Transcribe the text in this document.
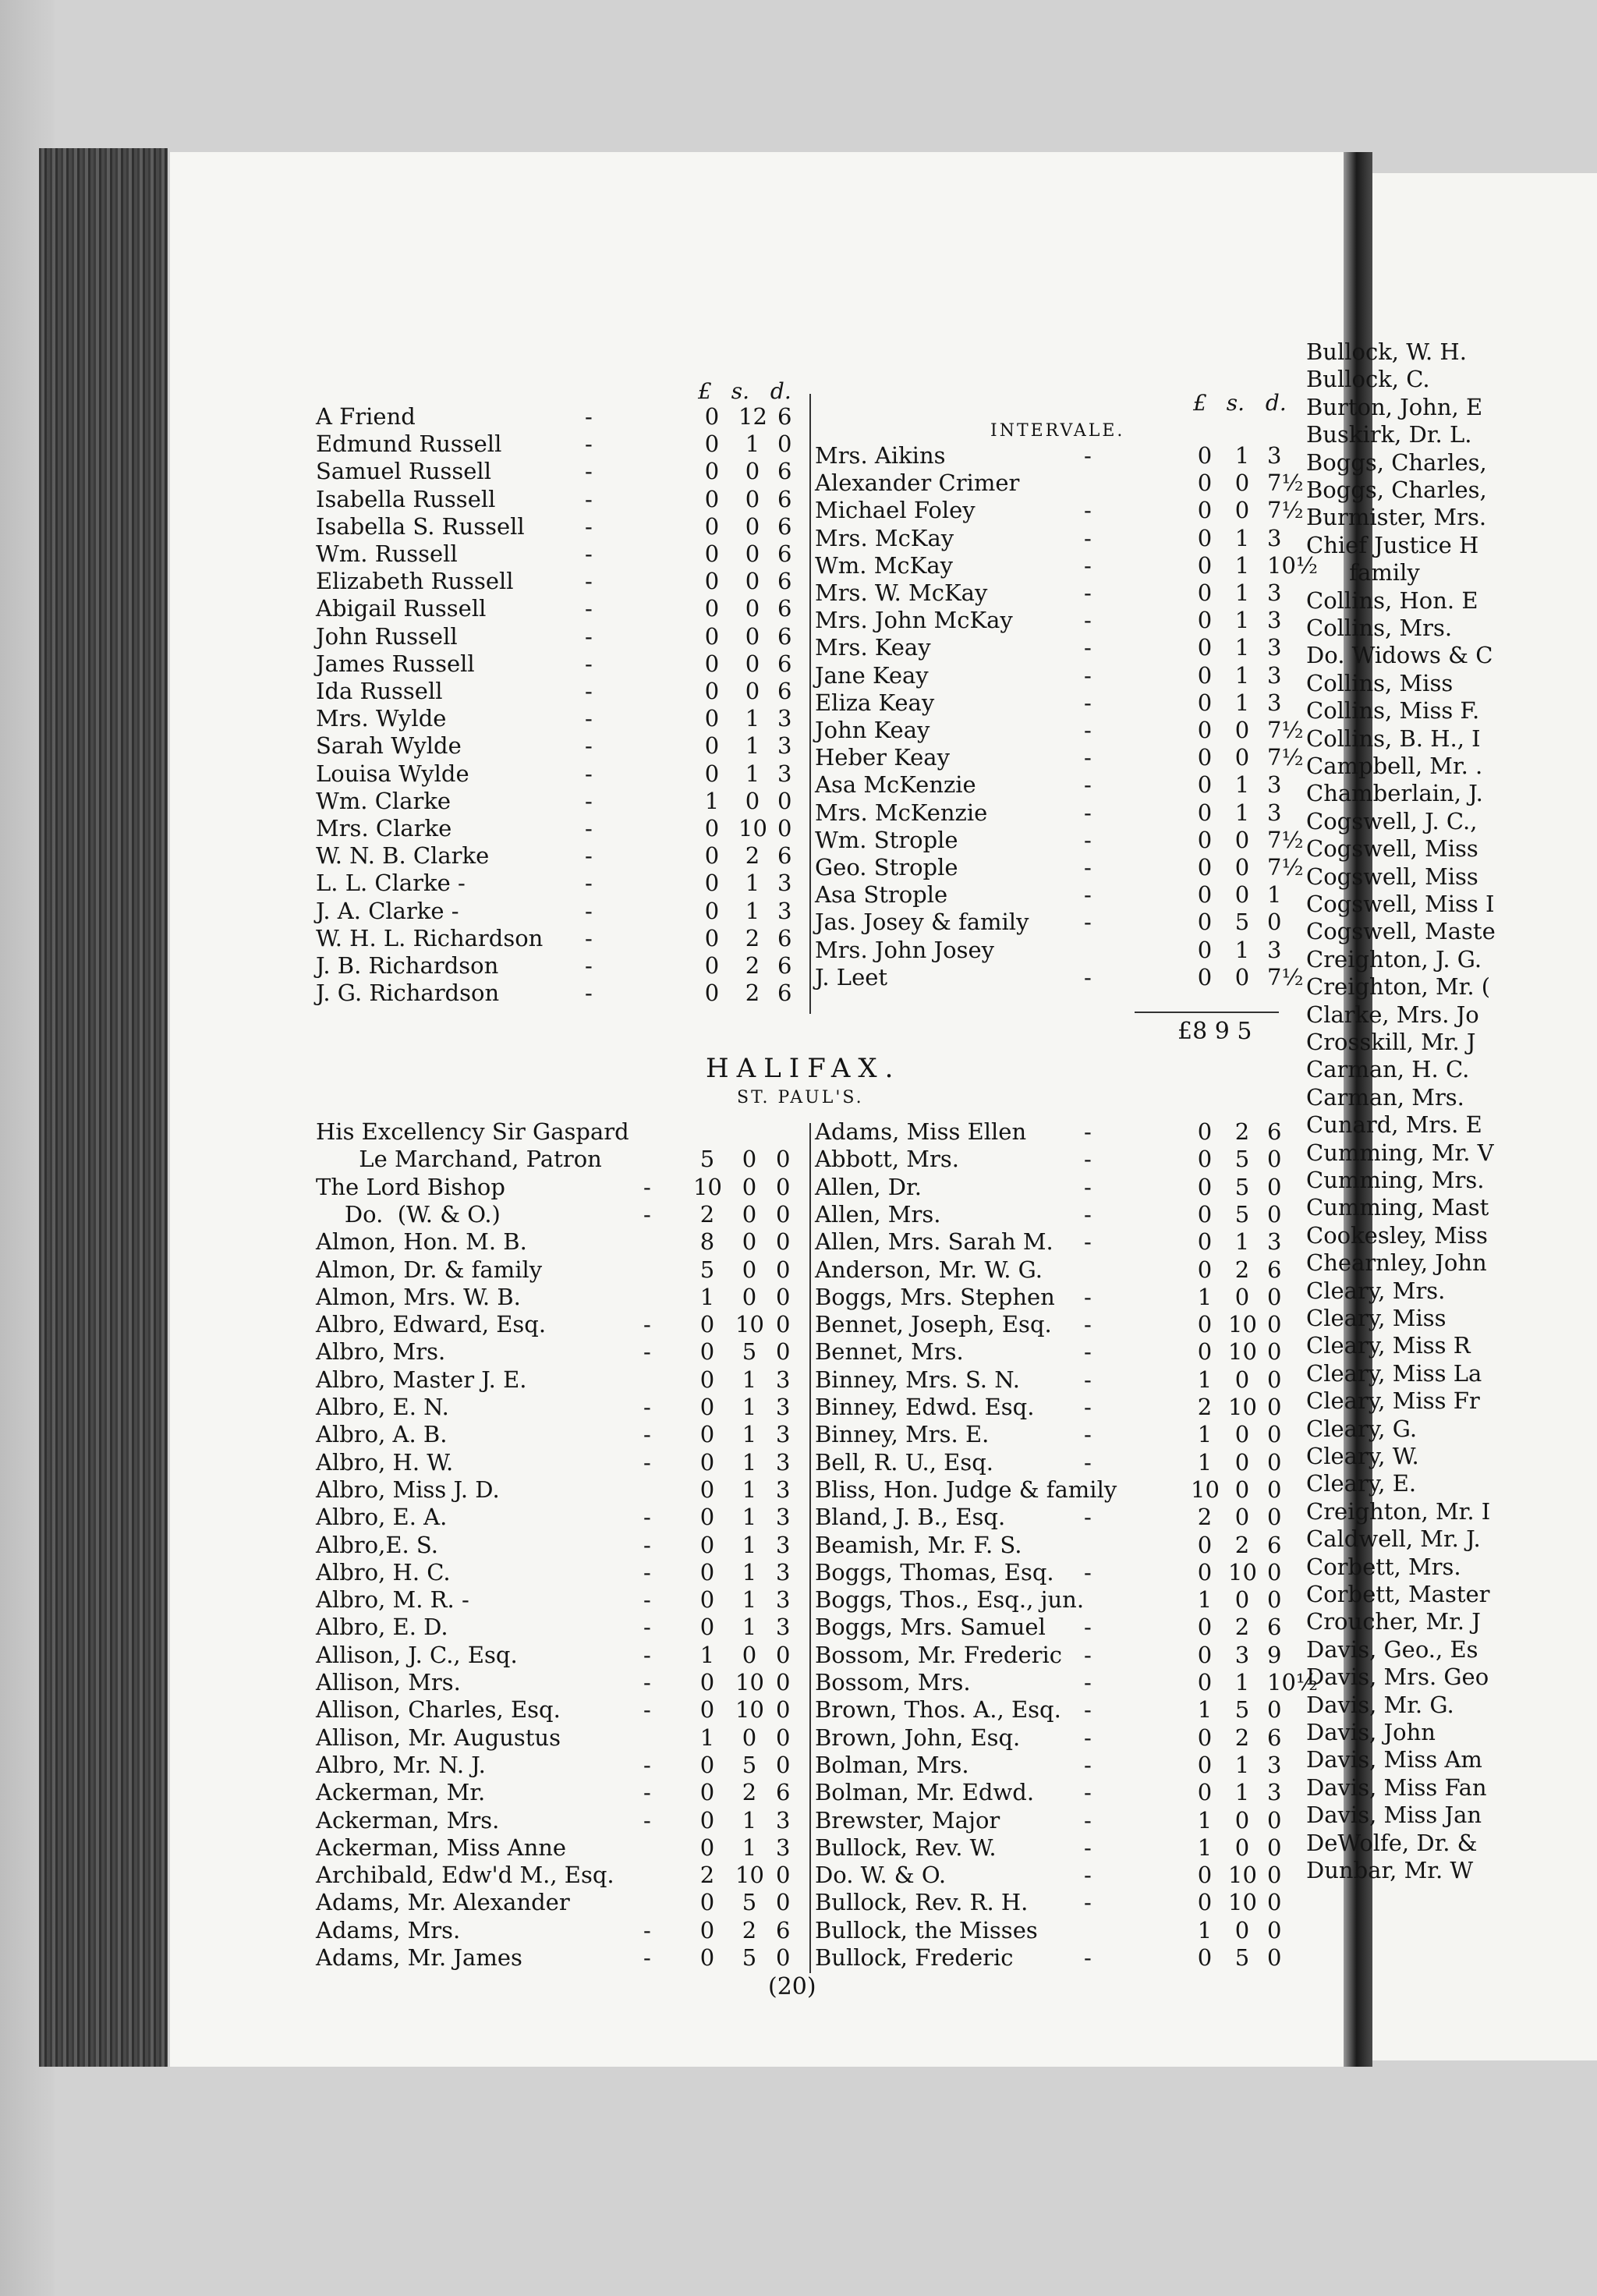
Bullock, W. H.
Bullock, C.
Burton, John, E
Buskirk, Dr. L.
Boggs, Charles,
Boggs, Charles,
Burmister, Mrs.
Chief Justice H
family
Collins, Hon. E
Collins, Mrs.
Do. Widows & C
Collins, Miss
Collins, Miss F.
Collins, B. H., I
Campbell, Mr. .
Chamberlain, J.
Cogswell, J. C.,
Cogswell, Miss
Cogswell, Miss
Cogswell, Miss I
Cogswell, Maste
Creighton, J. G.
Creighton, Mr. (
Clarke, Mrs. Jo
Crosskill, Mr. J
Carman, H. C.
Carman, Mrs.
Cunard, Mrs. E
Cumming, Mr. V
Cumming, Mrs.
Cumming, Mast
Cookesley, Miss
Chearnley, John
Cleary, Mrs.
Cleary, Miss
Cleary, Miss R
Cleary, Miss La
Cleary, Miss Fr
Cleary, G.
Cleary, W.
Cleary, E.
Creighton, Mr. I
Caldwell, Mr. J.
Corbett, Mrs.
Corbett, Master
Croucher, Mr. J
Davis, Geo., Es
Davis, Mrs. Geo
Davis, Mr. G.
Davis, John
Davis, Miss Am
Davis, Miss Fan
Davis, Miss Jan
DeWolfe, Dr. &
Dunbar, Mr. W
£ s. d.	£ s. d.
INTERVALE.
A Friend	-	0 12 6
Edmund Russell	-	0	1 0
Samuel Russell	-	0	0 6
Isabella Russell	-	0	0 6
Isabella S. Russell	-	0	0 6
Wm. Russell	-	0	0 6
Elizabeth Russell	-	0	0 6
Abigail Russell	-	0	0 6
John Russell	-	0	0 6
James Russell	-	0	0 6
Ida Russell	-	0	0 6
Mrs. Wylde	-	0	1 3
Sarah Wylde	-	0	1 3
Louisa Wylde	-	0	1 3
Wm. Clarke	-	1	0 0
Mrs. Clarke	-	0 10 0
W. N. B. Clarke	-	0	2 6
L. L. Clarke -	-	0	1 3
J. A. Clarke -	-	0	1 3
W. H. L. Richardson -	0	2 6
J. B. Richardson	-	0	2 6
J. G. Richardson	-	0	2 6
Mrs. Aikins	-	0	1 3
Alexander Crimer	0	0 7½
Michael Foley	-	0	0 7½
Mrs. McKay	-	0	1 3
Wm. McKay	-	0	1 10½
Mrs. W. McKay	-	0	1 3
Mrs. John McKay	-	0	1 3
Mrs. Keay	-	0	1 3
Jane Keay	-	0	1 3
Eliza Keay	-	0	1 3
John Keay	-	0	0 7½
Heber Keay	-	0	0 7½
Asa McKenzie	-	0	1 3
Mrs. McKenzie	-	0	1 3
Wm. Strople	-	0	0 7½
Geo. Strople	-	0	0 7½
Asa Strople	-	0	0 1
Jas. Josey & family -	0	5 0
Mrs. John Josey	0	1 3
J. Leet	-	0	0 7½
£8 9 5
HALIFAX.
ST. PAUL'S.
His Excellency Sir Gaspard
Le Marchand, Patron	5	0 0
The Lord Bishop	- 10 0 0
Do.  (W. & O.)	-	2	0 0
Almon, Hon. M. B.	8	0 0
Almon, Dr. & family	5	0 0
Almon, Mrs. W. B.	1	0 0
Albro, Edward, Esq.	-	0 10 0
Albro, Mrs.	-	0	5 0
Albro, Master J. E.	0	1 3
Albro, E. N.	-	0	1 3
Albro, A. B.	-	0	1 3
Albro, H. W.	-	0	1 3
Albro, Miss J. D.	0	1 3
Albro, E. A.	-	0	1 3
Albro,E. S.	-	0	1 3
Albro, H. C.	-	0	1 3
Albro, M. R. -	-	0	1 3
Albro, E. D.	-	0	1 3
Allison, J. C., Esq.	-	1	0 0
Allison, Mrs.	-	0 10 0
Allison, Charles, Esq.	-	0 10 0
Allison, Mr. Augustus	1	0 0
Albro, Mr. N. J.	-	0	5 0
Ackerman, Mr.	-	0	2 6
Ackerman, Mrs.	-	0	1 3
Ackerman, Miss Anne	0	1 3
Archibald, Edw'd M., Esq.	2 10 0
Adams, Mr. Alexander	0	5 0
Adams, Mrs.	-	0	2 6
Adams, Mr. James	-	0	5 0
Adams, Miss Ellen	-	0	2 6
Abbott, Mrs.	-	0	5 0
Allen, Dr.	-	0	5 0
Allen, Mrs.	-	0	5 0
Allen, Mrs. Sarah M. -	0	1 3
Anderson, Mr. W. G.	0	2 6
Boggs, Mrs. Stephen -	1	0 0
Bennet, Joseph, Esq. -	0 10 0
Bennet, Mrs.	-	0 10 0
Binney, Mrs. S. N.	-	1	0 0
Binney, Edwd. Esq. -	2 10 0
Binney, Mrs. E.	-	1	0 0
Bell, R. U., Esq.	-	1	0 0
Bliss, Hon. Judge & family	10 0 0
Bland, J. B., Esq.	-	2	0 0
Beamish, Mr. F. S.	0	2 6
Boggs, Thomas, Esq. -	0 10 0
Boggs, Thos., Esq., jun.	1	0 0
Boggs, Mrs. Samuel -	0	2 6
Bossom, Mr. Frederic -	0	3 9
Bossom, Mrs.	-	0	1 10½
Brown, Thos. A., Esq. -	1	5 0
Brown, John, Esq.	-	0	2 6
Bolman, Mrs.	-	0	1 3
Bolman, Mr. Edwd. -	0	1 3
Brewster, Major	-	1	0 0
Bullock, Rev. W.	-	1	0 0
Do. W. & O.	-	0 10 0
Bullock, Rev. R. H. -	0 10 0
Bullock, the Misses	1	0 0
Bullock, Frederic	-	0	5 0
(20)
